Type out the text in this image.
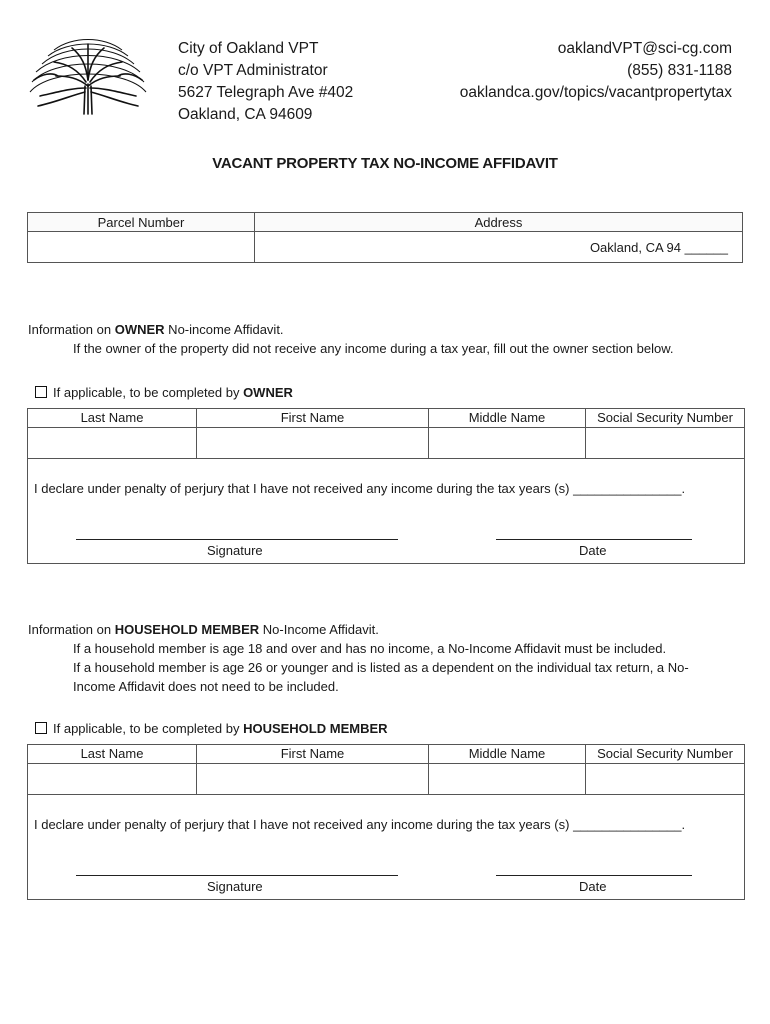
City of Oakland VPT
c/o VPT Administrator
5627 Telegraph Ave #402
Oakland, CA 94609
oaklandVPT@sci-cg.com
(855) 831-1188
oaklandca.gov/topics/vacantpropertytax
VACANT PROPERTY TAX NO-INCOME AFFIDAVIT
Parcel Number	Address
	Oakland, CA 94 ______
Information on OWNER No-income Affidavit.
If the owner of the property did not receive any income during a tax year, fill out the owner section below.
If applicable, to be completed by OWNER
Last Name	First Name	Middle Name	Social Security Number
I declare under penalty of perjury that I have not received any income during the tax years (s) _______________.
Signature	Date
Information on HOUSEHOLD MEMBER No-Income Affidavit.
If a household member is age 18 and over and has no income, a No-Income Affidavit must be included.
If a household member is age 26 or younger and is listed as a dependent on the individual tax return, a No-
Income Affidavit does not need to be included.
If applicable, to be completed by HOUSEHOLD MEMBER
Last Name	First Name	Middle Name	Social Security Number
I declare under penalty of perjury that I have not received any income during the tax years (s) _______________.
Signature	Date
